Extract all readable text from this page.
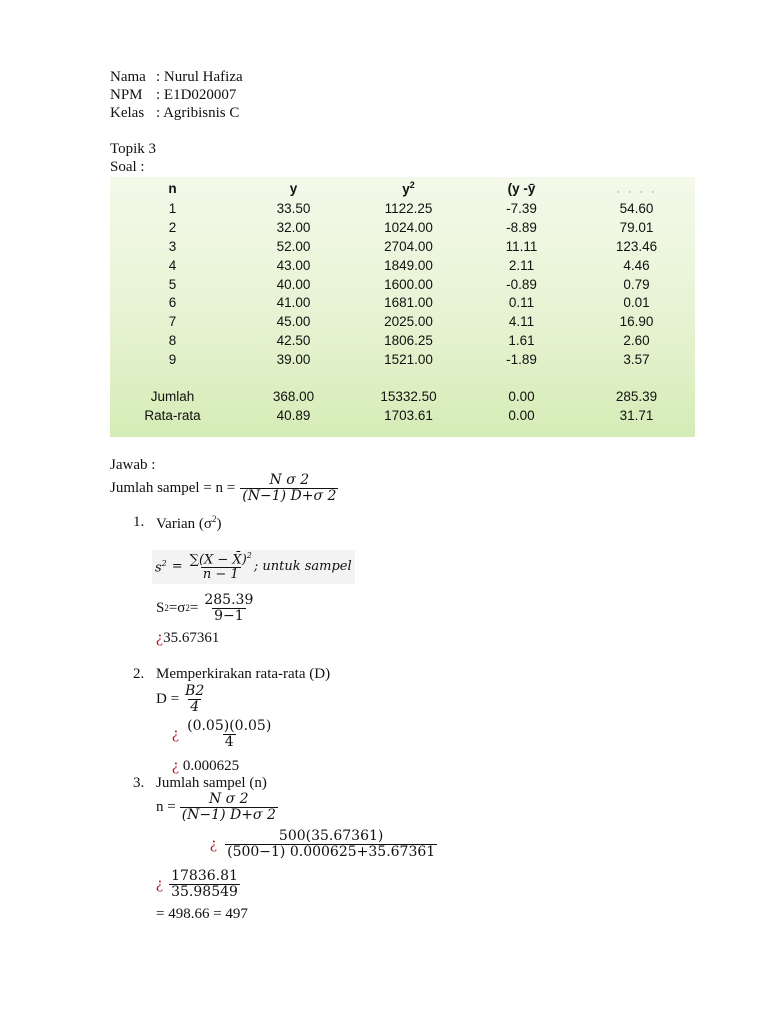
Nama : Nurul Hafiza
NPM : E1D020007
Kelas : Agribisnis C
Topik 3
Soal :
n	y	$y^2$	(y -ȳ	. . . .
1	33.50	1122.25	-7.39	54.60
2	32.00	1024.00	-8.89	79.01
3	52.00	2704.00	11.11	123.46
4	43.00	1849.00	2.11	4.46
5	40.00	1600.00	-0.89	0.79
6	41.00	1681.00	0.11	0.01
7	45.00	2025.00	4.11	16.90
8	42.50	1806.25	1.61	2.60
9	39.00	1521.00	-1.89	3.57

Jumlah	368.00	15332.50	0.00	285.39
Rata-rata	40.89	1703.61	0.00	31.71
Jawab :
Jumlah sampel = $n = \frac{\text{N σ 2}}{(N-1) D+\sigma 2}$
1. Varian $(\sigma^2)$
$s^2 = \frac{\sum(X - X̄)^2}{n - 1}$ ; untuk sampel
S 2 =σ $2 = \frac{285.39}{9-1}$
¿35.67361
2. Memperkirakan rata-rata (D)
$D = \frac{B2}{4}$
¿ $\frac{(0.05)(0.05)}{4}$
¿ 0.000625
3. Jumlah sampel (n)
$n = \frac{\text{N σ 2}}{(N-1) D+\sigma 2}$
¿ $\frac{500(35.67361)}{(500-1) 0.000625+35.67361}$
¿ $\frac{17836.81}{35.98549}$
= 498.66 = 497
